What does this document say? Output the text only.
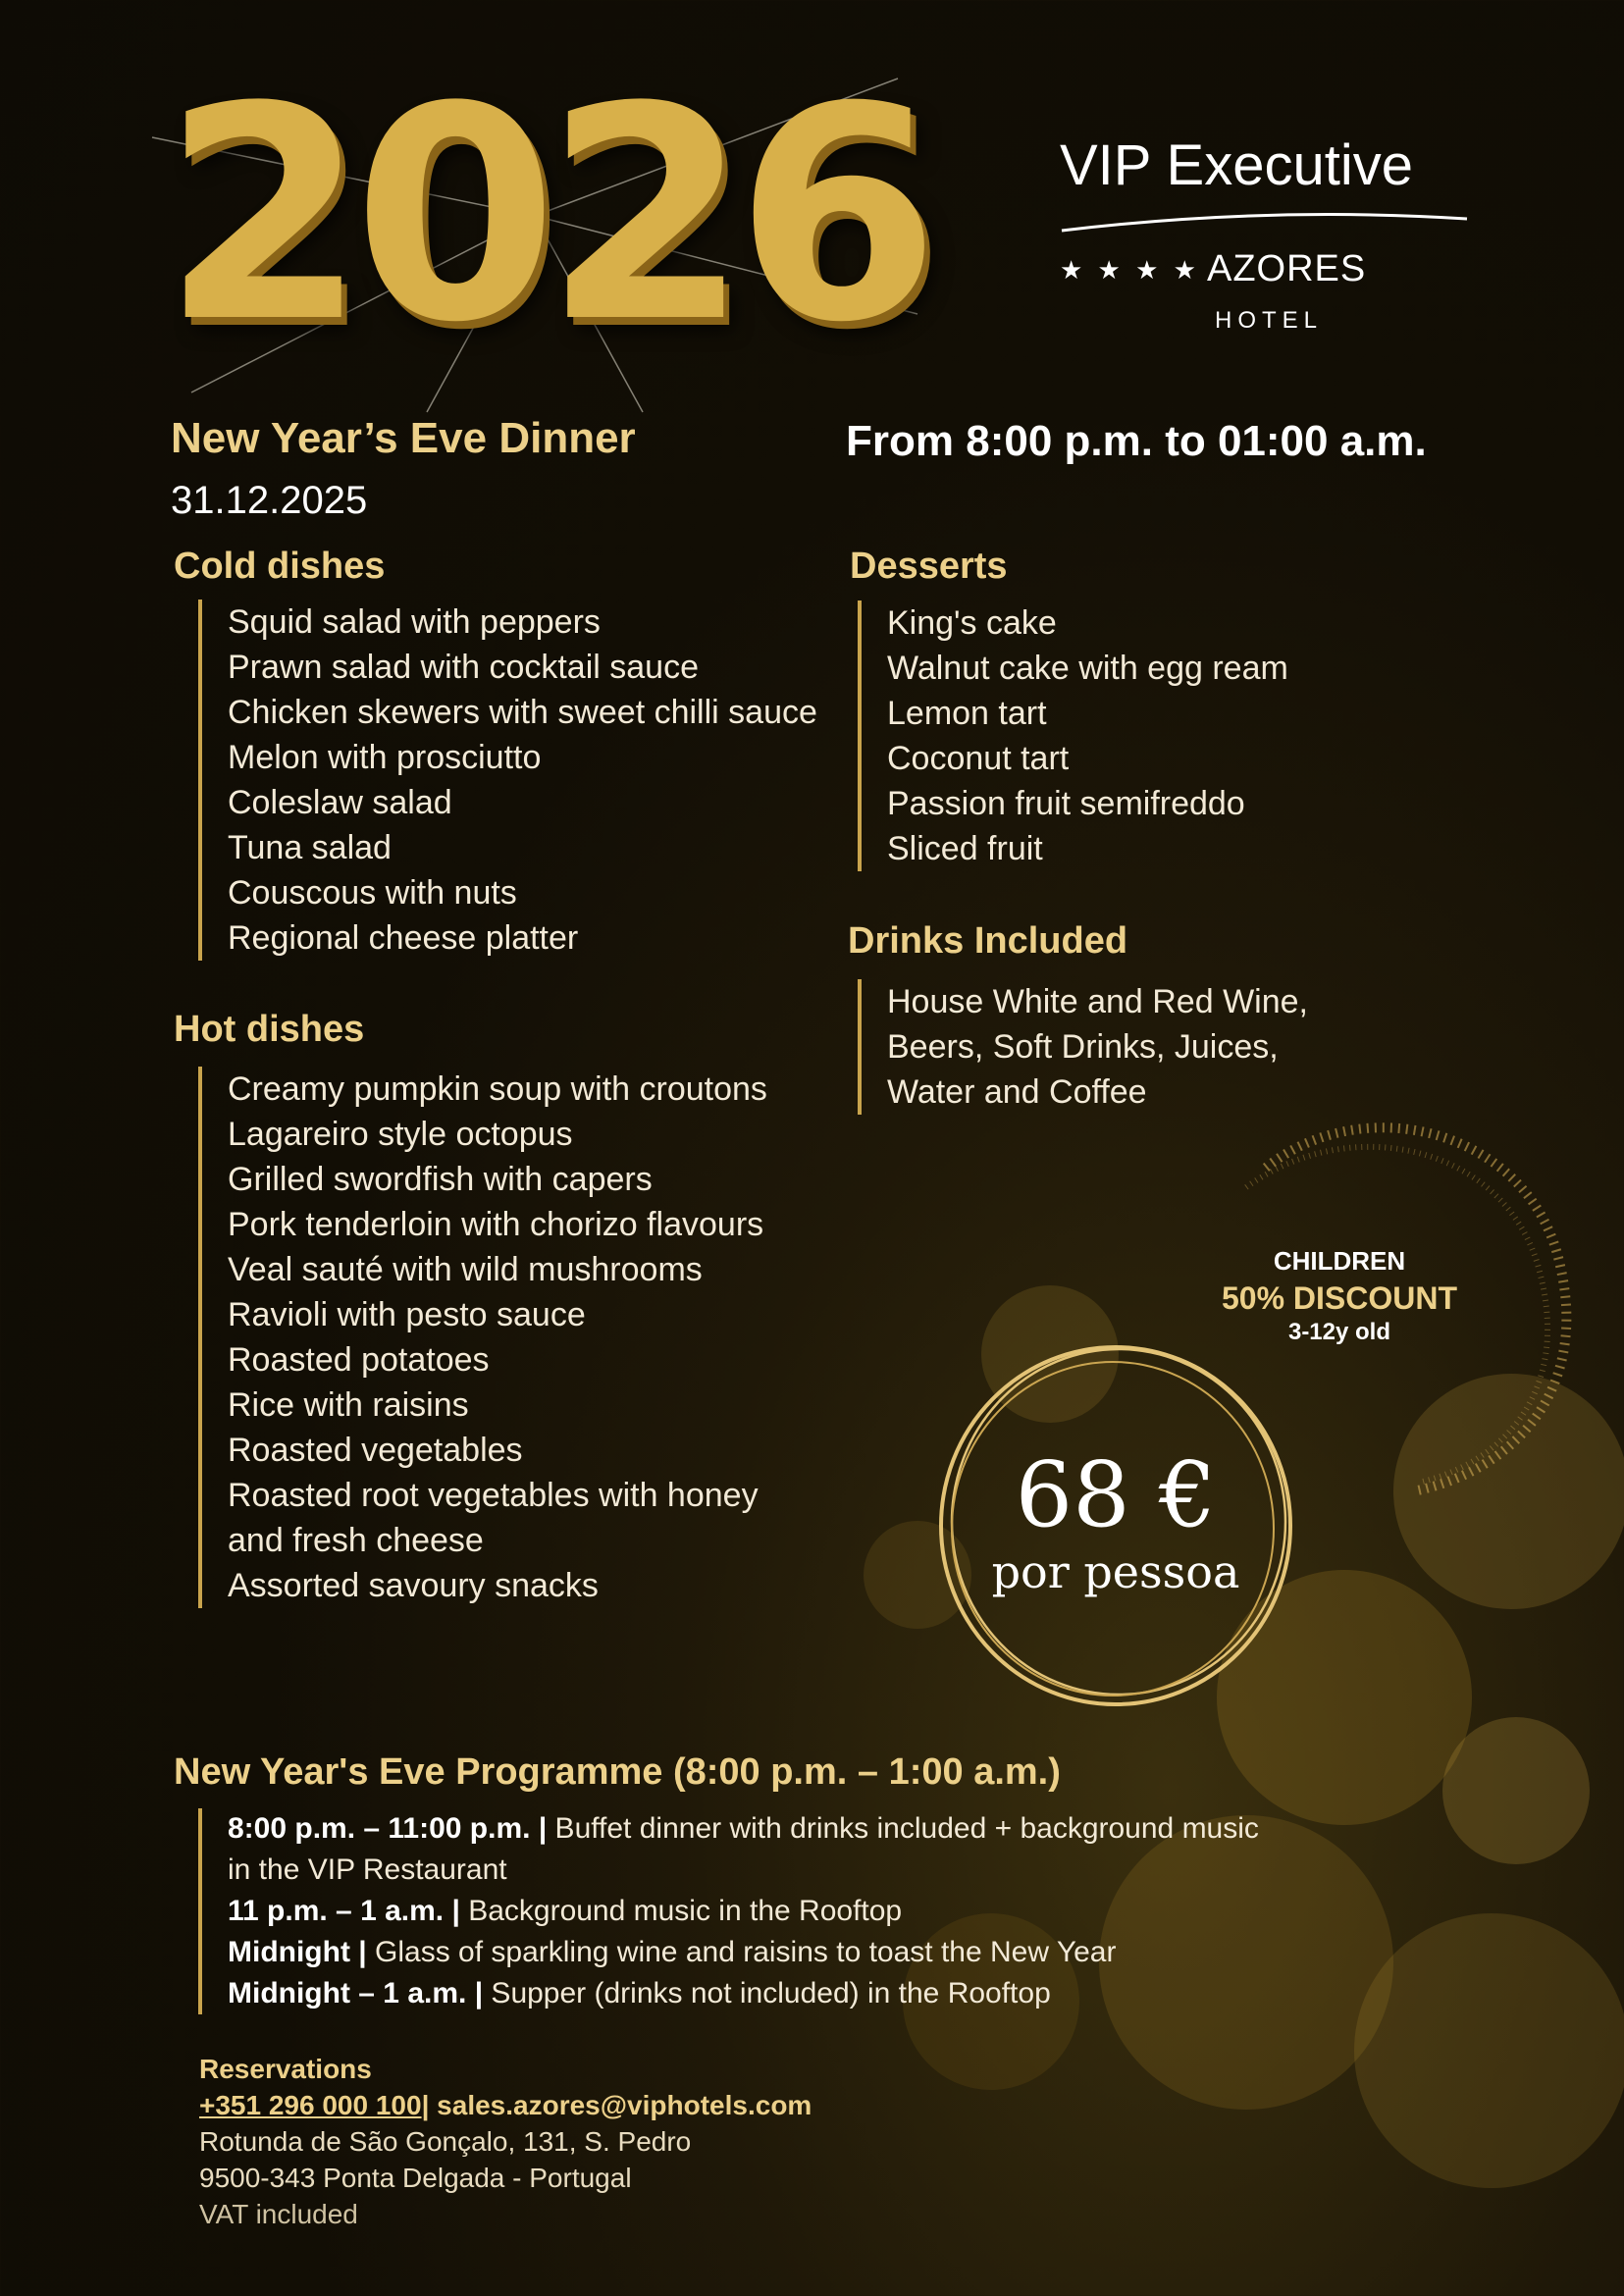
2026 VIP Executive
★ ★ ★ ★ AZORES
HOTEL
New Year’s Eve Dinner
31.12.2025
From 8:00 p.m. to 01:00 a.m.
Cold dishes
Squid salad with peppers
Prawn salad with cocktail sauce
Chicken skewers with sweet chilli sauce
Melon with prosciutto
Coleslaw salad
Tuna salad
Couscous with nuts
Regional cheese platter
Hot dishes
Creamy pumpkin soup with croutons
Lagareiro style octopus
Grilled swordfish with capers
Pork tenderloin with chorizo flavours
Veal sauté with wild mushrooms
Ravioli with pesto sauce
Roasted potatoes
Rice with raisins
Roasted vegetables
Roasted root vegetables with honey
and fresh cheese
Assorted savoury snacks
Desserts
King's cake
Walnut cake with egg ream
Lemon tart
Coconut tart
Passion fruit semifreddo
Sliced fruit
Drinks Included
House White and Red Wine,
Beers, Soft Drinks, Juices,
Water and Coffee
CHILDREN
50% DISCOUNT
3-12y old
68 €
por pessoa
New Year's Eve Programme (8:00 p.m. – 1:00 a.m.)
8:00 p.m. – 11:00 p.m. | Buffet dinner with drinks included + background music
in the VIP Restaurant
11 p.m. – 1 a.m. | Background music in the Rooftop
Midnight | Glass of sparkling wine and raisins to toast the New Year
Midnight – 1 a.m. | Supper (drinks not included) in the Rooftop
Reservations
+351 296 000 100| sales.azores@viphotels.com
Rotunda de São Gonçalo, 131, S. Pedro
9500-343 Ponta Delgada - Portugal
VAT included
